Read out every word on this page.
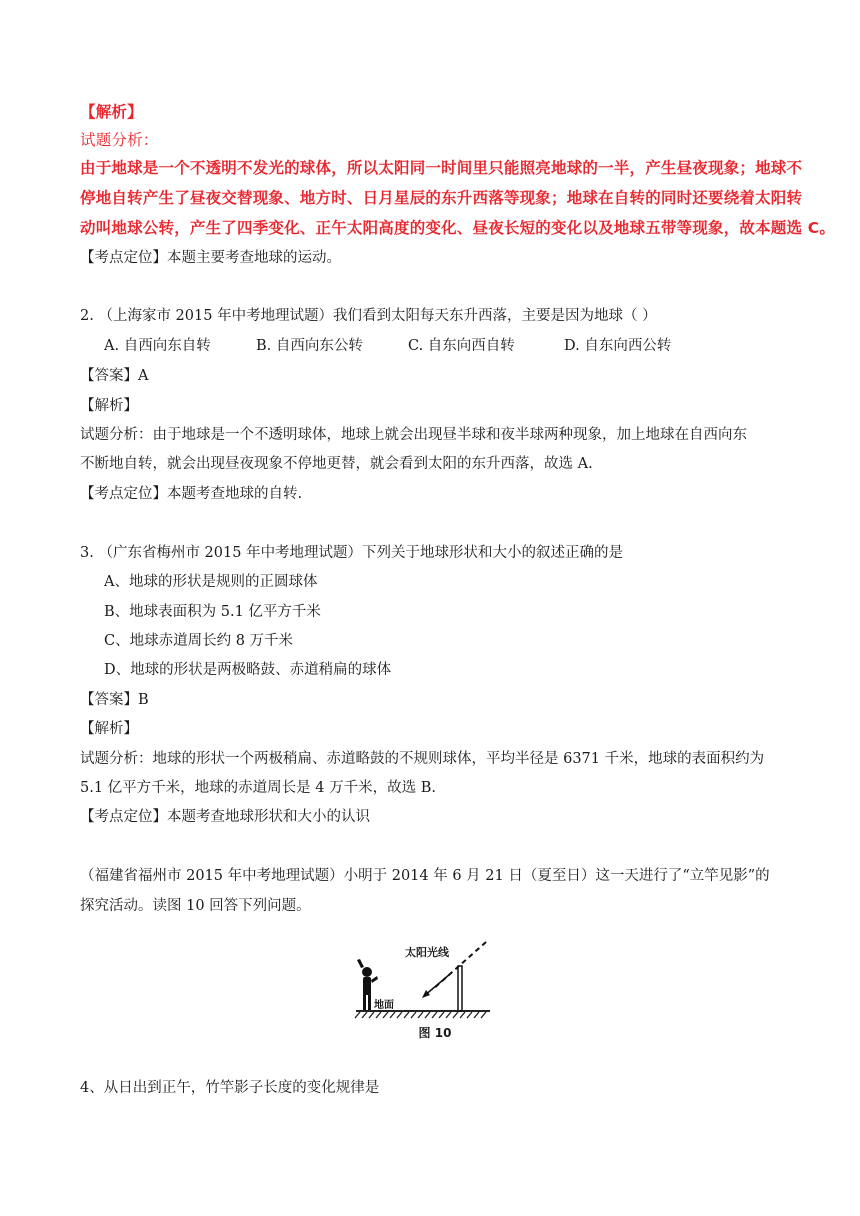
【解析】
试题分析：
由于地球是一个不透明不发光的球体，所以太阳同一时间里只能照亮地球的一半，产生昼夜现象；地球不
停地自转产生了昼夜交替现象、地方时、日月星辰的东升西落等现象；地球在自转的同时还要绕着太阳转
动叫地球公转，产生了四季变化、正午太阳高度的变化、昼夜长短的变化以及地球五带等现象，故本题选 C。
【考点定位】本题主要考查地球的运动。
2. （上海家市 2015 年中考地理试题）我们看到太阳每天东升西落，主要是因为地球（ ）
A. 自西向东自转	B. 自西向东公转	C. 自东向西自转	D. 自东向西公转
【答案】A
【解析】
试题分析：由于地球是一个不透明球体，地球上就会出现昼半球和夜半球两种现象，加上地球在自西向东
不断地自转，就会出现昼夜现象不停地更替，就会看到太阳的东升西落，故选 A.
【考点定位】本题考查地球的自转.
3. （广东省梅州市 2015 年中考地理试题）下列关于地球形状和大小的叙述正确的是
A、地球的形状是规则的正圆球体
B、地球表面积为 5.1 亿平方千米
C、地球赤道周长约 8 万千米
D、地球的形状是两极略鼓、赤道稍扁的球体
【答案】B
【解析】
试题分析：地球的形状一个两极稍扁、赤道略鼓的不规则球体，平均半径是 6371 千米，地球的表面积约为
5.1 亿平方千米，地球的赤道周长是 4 万千米，故选 B.
【考点定位】本题考查地球形状和大小的认识
（福建省福州市 2015 年中考地理试题）小明于 2014 年 6 月 21 日（夏至日）这一天进行了“立竿见影”的
探究活动。读图 10 回答下列问题。
太阳光线
地面
图 10
4、从日出到正午，竹竿影子长度的变化规律是
